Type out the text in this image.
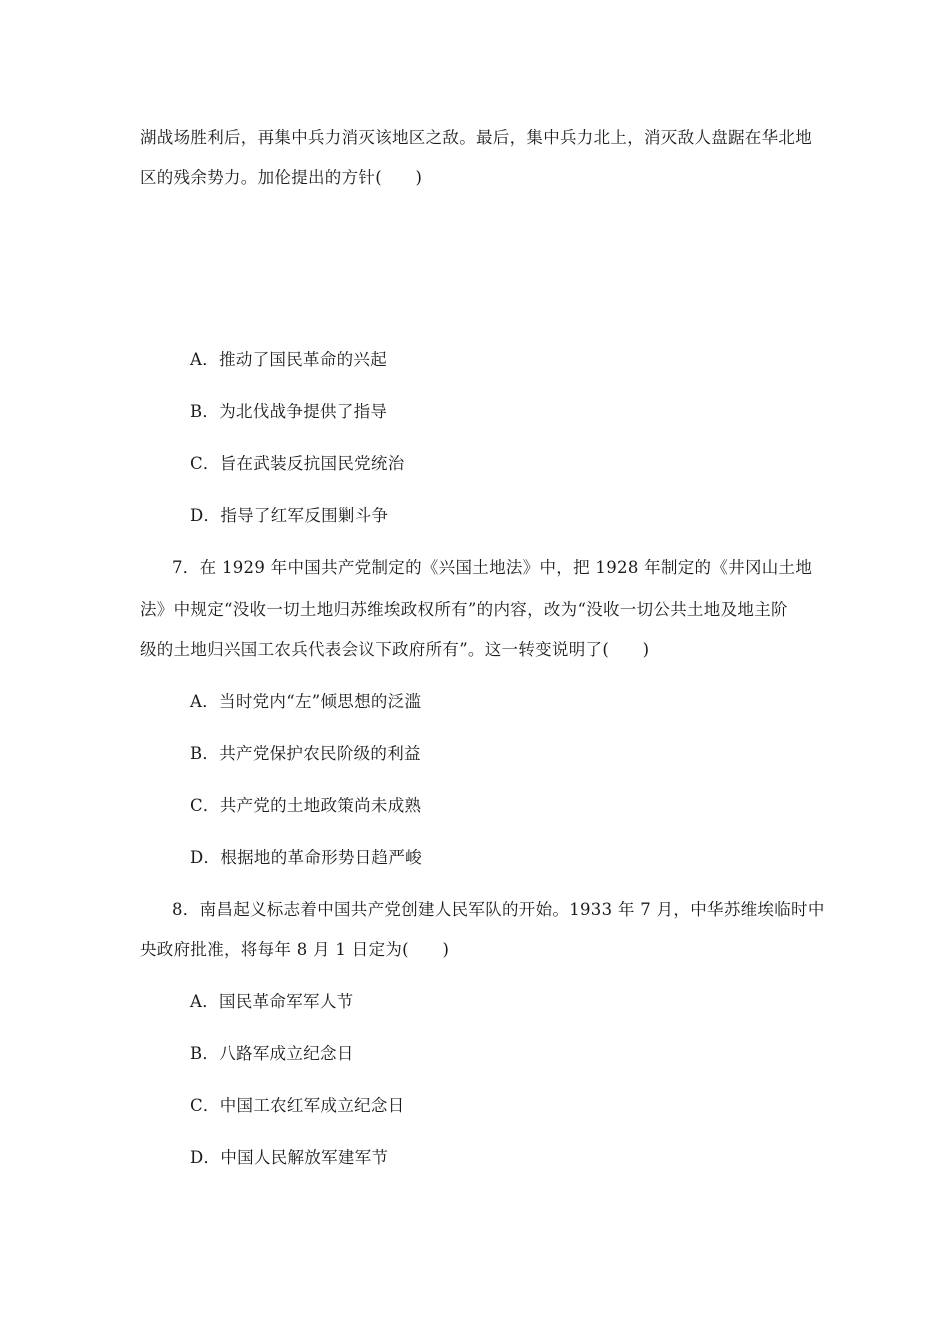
湖战场胜利后，再集中兵力消灭该地区之敌。最后，集中兵力北上，消灭敌人盘踞在华北地
区的残余势力。加伦提出的方针(　　)
A．推动了国民革命的兴起
B．为北伐战争提供了指导
C．旨在武装反抗国民党统治
D．指导了红军反围剿斗争
7．在 1929 年中国共产党制定的《兴国土地法》中，把 1928 年制定的《井冈山土地
法》中规定“没收一切土地归苏维埃政权所有”的内容，改为“没收一切公共土地及地主阶
级的土地归兴国工农兵代表会议下政府所有”。这一转变说明了(　　)
A．当时党内“左”倾思想的泛滥
B．共产党保护农民阶级的利益
C．共产党的土地政策尚未成熟
D．根据地的革命形势日趋严峻
8．南昌起义标志着中国共产党创建人民军队的开始。1933 年 7 月，中华苏维埃临时中
央政府批准，将每年 8 月 1 日定为(　　)
A．国民革命军军人节
B．八路军成立纪念日
C．中国工农红军成立纪念日
D．中国人民解放军建军节
